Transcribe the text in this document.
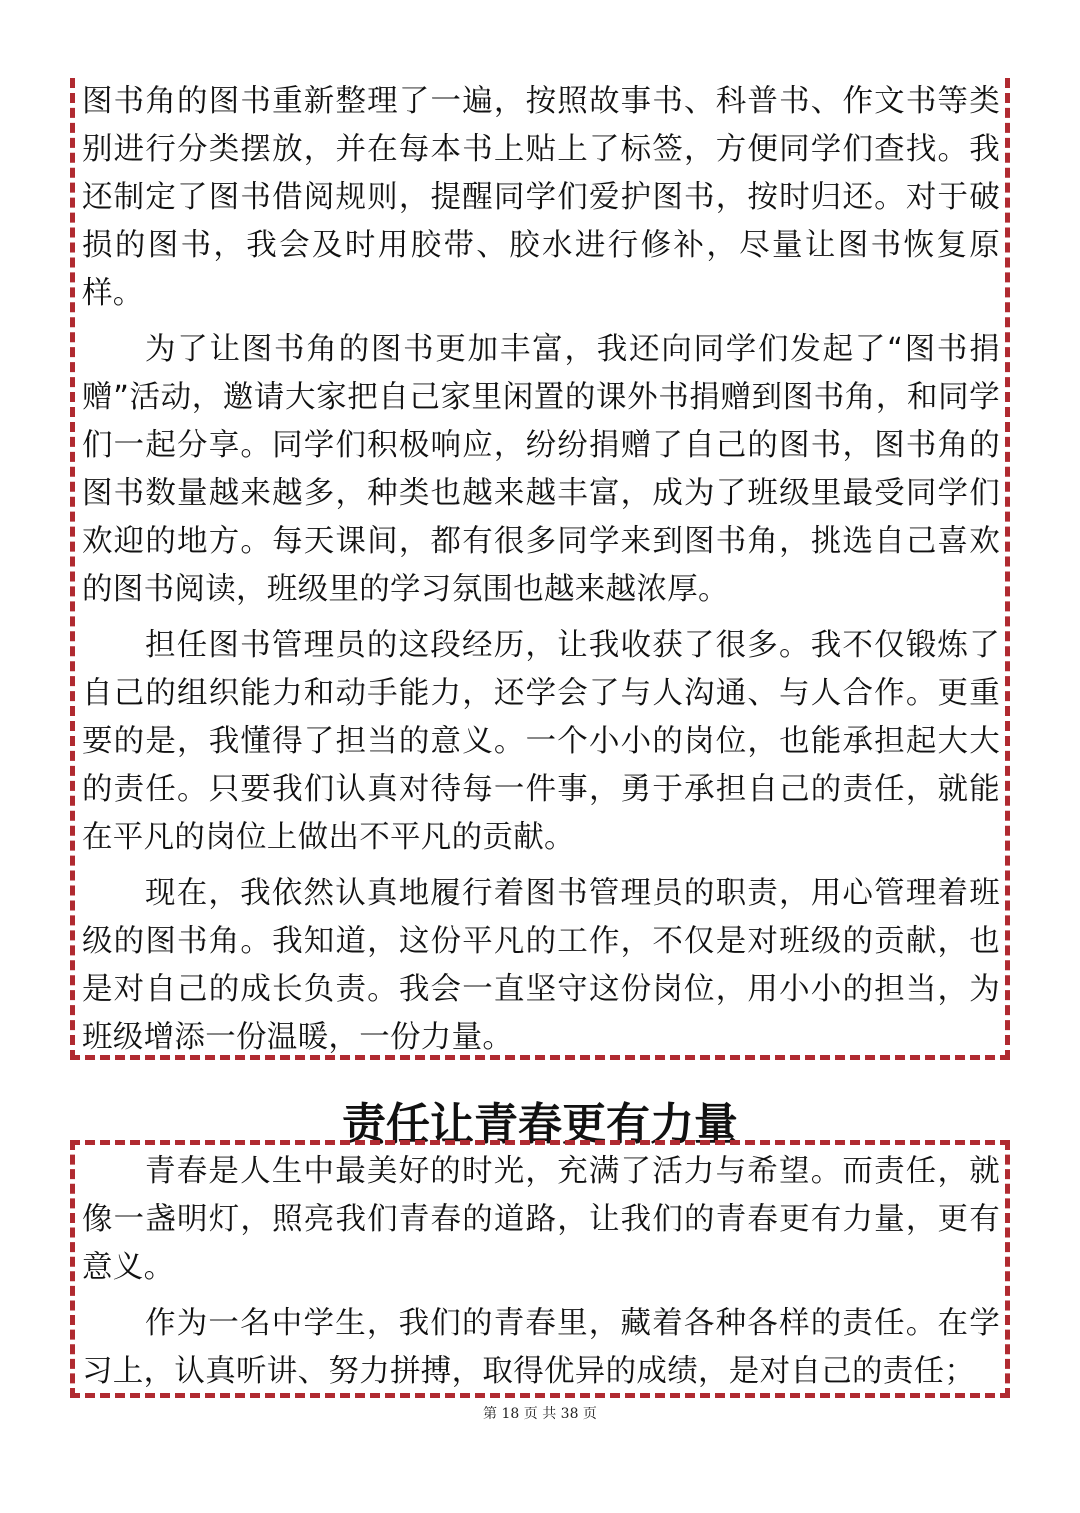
图书角的图书重新整理了一遍，按照故事书、科普书、作文书等类别进行分类摆放，并在每本书上贴上了标签，方便同学们查找。我还制定了图书借阅规则，提醒同学们爱护图书，按时归还。对于破损的图书，我会及时用胶带、胶水进行修补，尽量让图书恢复原样。

为了让图书角的图书更加丰富，我还向同学们发起了“图书捐赠”活动，邀请大家把自己家里闲置的课外书捐赠到图书角，和同学们一起分享。同学们积极响应，纷纷捐赠了自己的图书，图书角的图书数量越来越多，种类也越来越丰富，成为了班级里最受同学们欢迎的地方。每天课间，都有很多同学来到图书角，挑选自己喜欢的图书阅读，班级里的学习氛围也越来越浓厚。

担任图书管理员的这段经历，让我收获了很多。我不仅锻炼了自己的组织能力和动手能力，还学会了与人沟通、与人合作。更重要的是，我懂得了担当的意义。一个小小的岗位，也能承担起大大的责任。只要我们认真对待每一件事，勇于承担自己的责任，就能在平凡的岗位上做出不平凡的贡献。

现在，我依然认真地履行着图书管理员的职责，用心管理着班级的图书角。我知道，这份平凡的工作，不仅是对班级的贡献，也是对自己的成长负责。我会一直坚守这份岗位，用小小的担当，为班级增添一份温暖，一份力量。

责任让青春更有力量

青春是人生中最美好的时光，充满了活力与希望。而责任，就像一盏明灯，照亮我们青春的道路，让我们的青春更有力量，更有意义。

作为一名中学生，我们的青春里，藏着各种各样的责任。在学习上，认真听讲、努力拼搏，取得优异的成绩，是对自己的责任；

第 18 页 共 38 页
